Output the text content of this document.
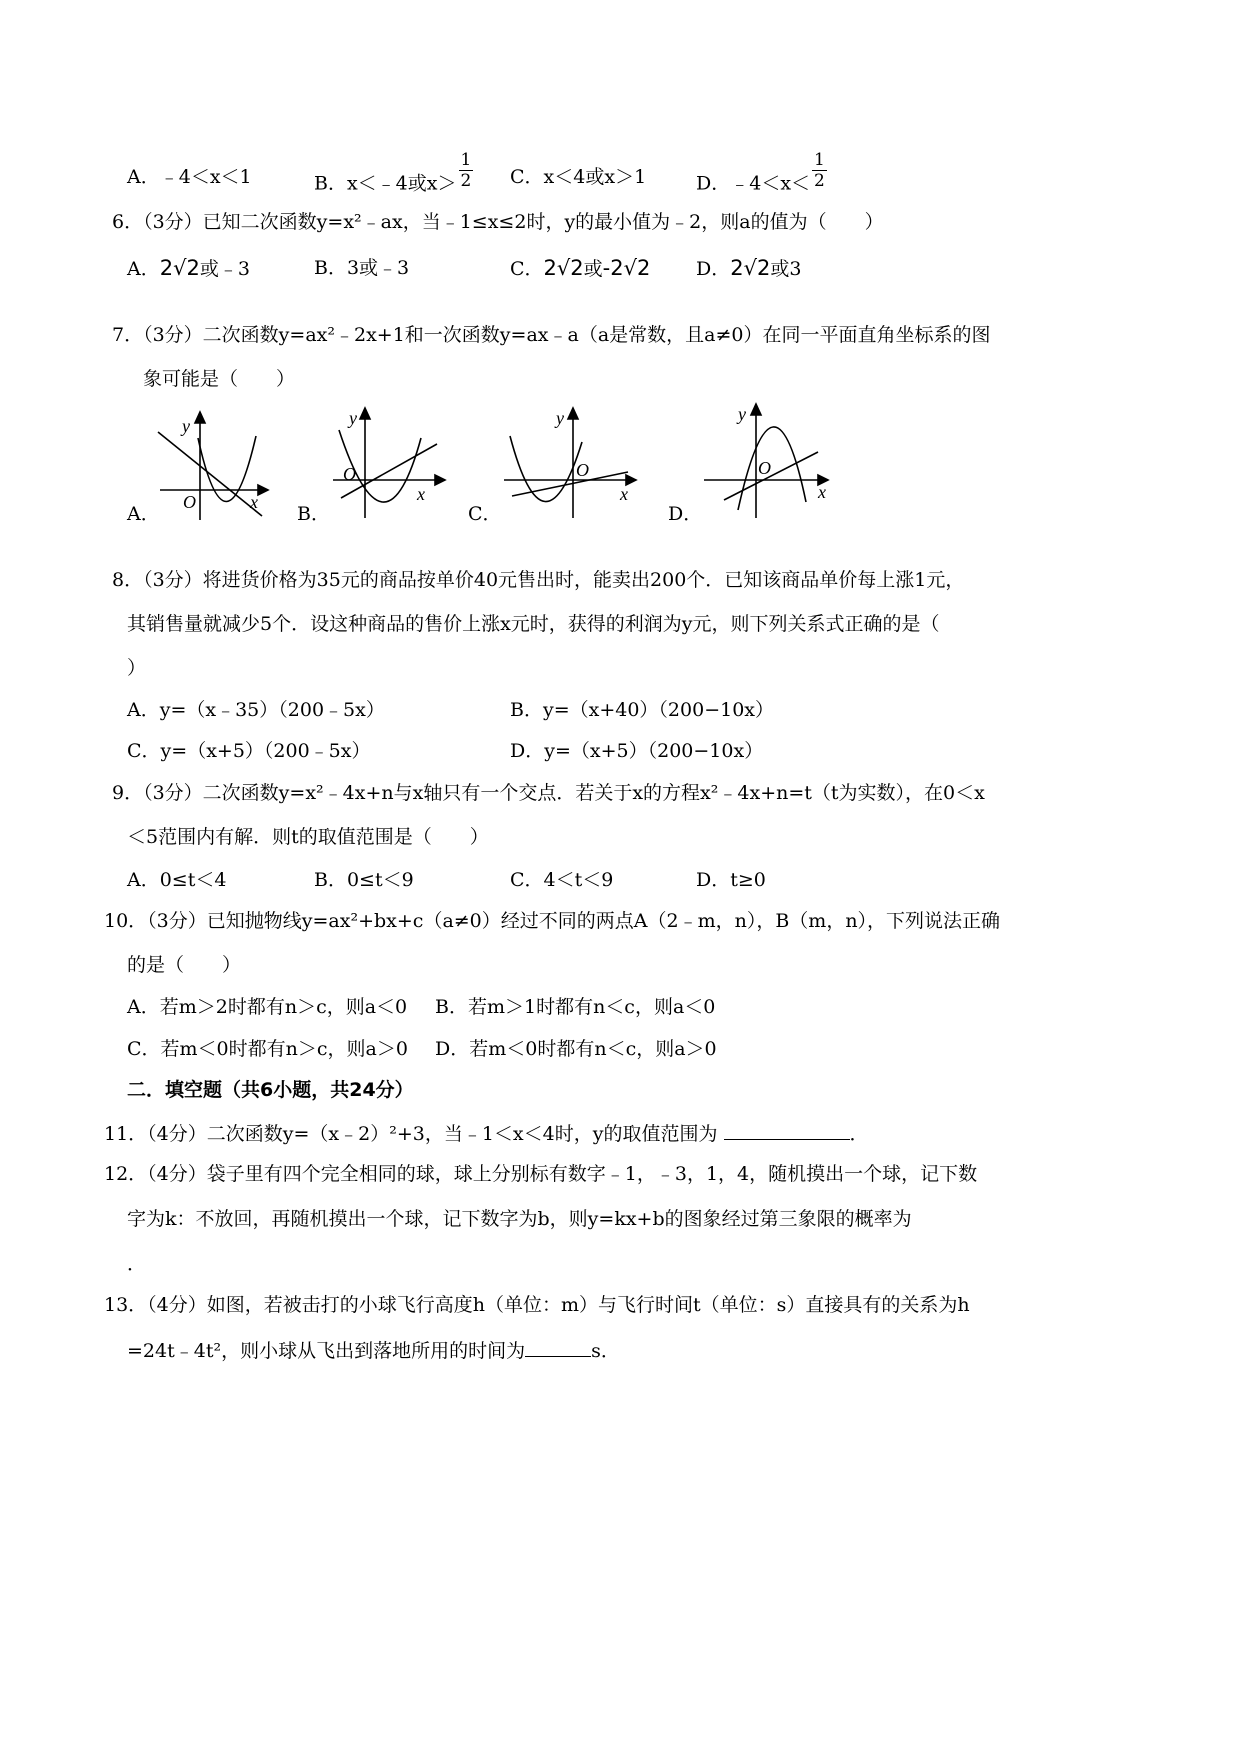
A．﹣4＜x＜1	B．x＜﹣4或$x> \frac{1}{2}$ C．x＜4或x＞1	D．﹣4＜x＜ $\frac{1}{2}$
6．（3分）已知二次函数y=x²﹣ax，当﹣1≤x≤2时，y的最小值为﹣2，则a的值为（　　）
A．2√2或﹣3	B．3或﹣3	C．2√2或-2√2 D．2√2或3
7．（3分）二次函数y=ax²﹣2x+1和一次函数y=ax﹣a（a是常数，且a≠0）在同一平面直角坐标系的图
象可能是（　　）
A．	B．	C．	D．
y
O	x
y
O
x
y
O
x
y
O
x
8．（3分）将进货价格为35元的商品按单价40元售出时，能卖出200个．已知该商品单价每上涨1元，
其销售量就减少5个．设这种商品的售价上涨x元时，获得的利润为y元，则下列关系式正确的是（
）
A．y=（x﹣35）（200﹣5x）	B．y=（x+40）（200−10x）
C．y=（x+5）（200﹣5x）	D．y=（x+5）（200−10x）
9．（3分）二次函数y=x²﹣4x+n与x轴只有一个交点．若关于x的方程x²﹣4x+n=t（t为实数），在0＜x
＜5范围内有解．则t的取值范围是（　　）
A．0≤t＜4	B．0≤t＜9	C．4＜t＜9	D．t≥0
10．（3分）已知抛物线y=ax²+bx+c（a≠0）经过不同的两点A（2﹣m，n），B（m，n），下列说法正确
的是（　　）
A．若m＞2时都有n＞c，则a＜0 B．若m＞1时都有n＜c，则a＜0
C．若m＜0时都有n＞c，则a＞0 D．若m＜0时都有n＜c，则a＞0
二．填空题（共6小题，共24分）
11．（4分）二次函数y=（x﹣2）²+3，当﹣1＜x＜4时，y的取值范围为	．
12．（4分）袋子里有四个完全相同的球，球上分别标有数字﹣1，﹣3，1，4，随机摸出一个球，记下数
字为k：不放回，再随机摸出一个球，记下数字为b，则y=kx+b的图象经过第三象限的概率为
．
13．（4分）如图，若被击打的小球飞行高度h（单位：m）与飞行时间t（单位：s）直接具有的关系为h
=24t﹣4t²，则小球从飞出到落地所用的时间为	s．
